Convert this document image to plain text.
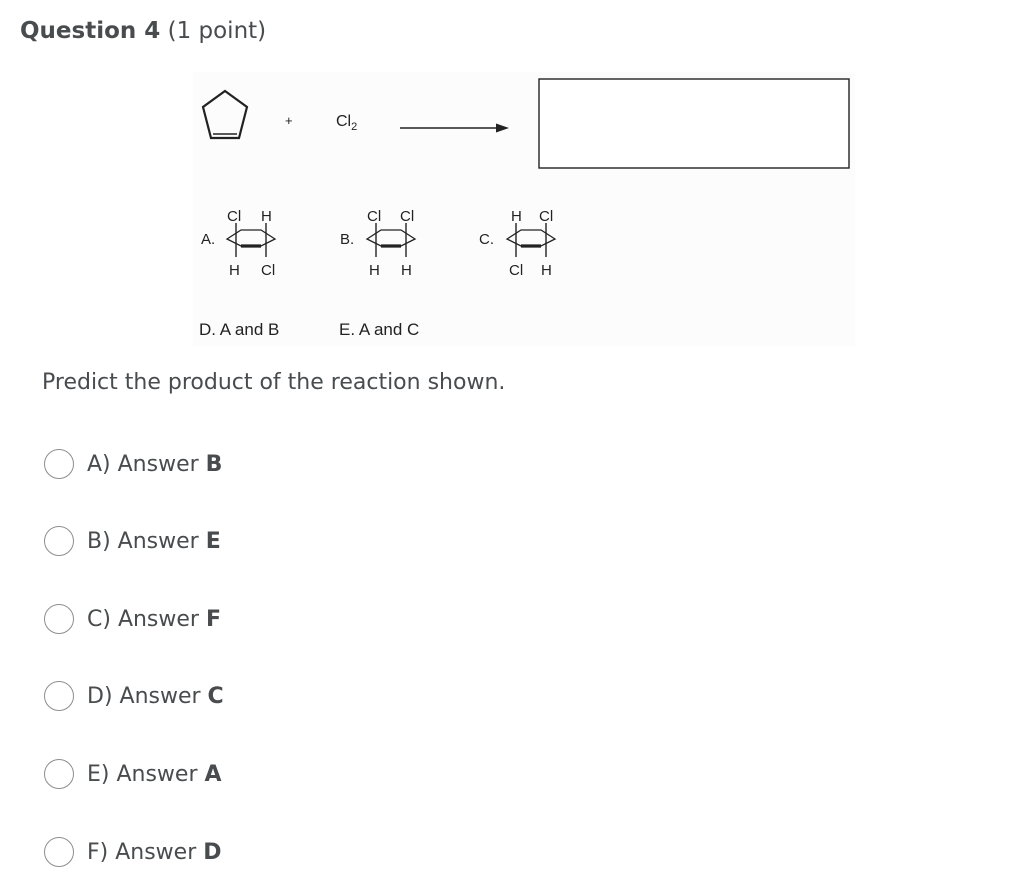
Question 4 (1 point)
+	$Cl_2$
A.
Cl H
H Cl
B.
Cl Cl
H H
C.
H Cl
Cl H
D. A and B	E. A and C
Predict the product of the reaction shown.
A) Answer B
B) Answer E
C) Answer F
D) Answer C
E) Answer A
F) Answer D
